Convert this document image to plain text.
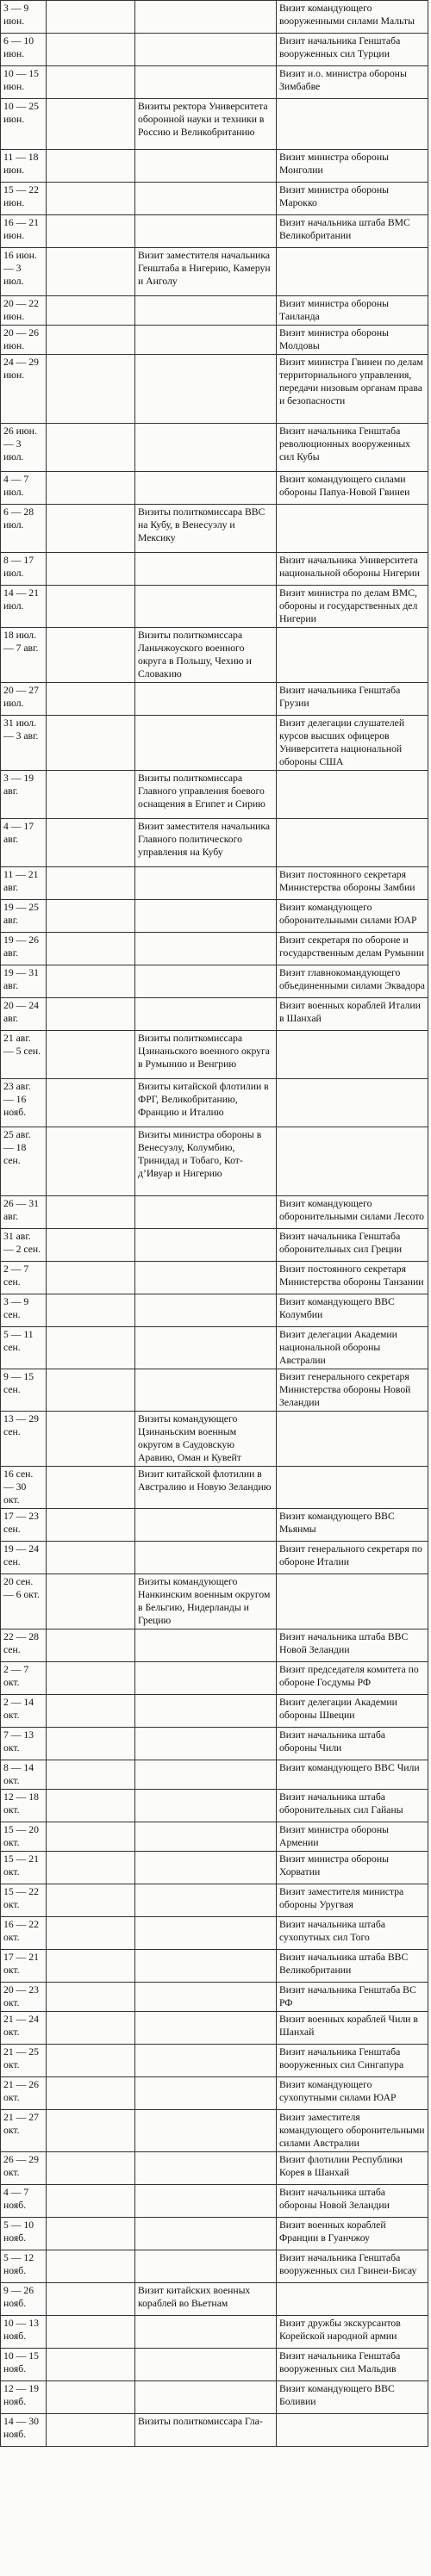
3 — 9 июн.			Визит командующего вооруженными силами Мальты

6 — 10 июн.			Визит начальника Генштаба вооруженных сил Турции

10 — 15 июн.			Визит и.о. министра обороны Зимбабве

10 — 25 июн.		Визиты ректора Университета оборонной науки и техники в Россию и Великобританию	

11 — 18 июн.			Визит министра обороны Монголии

15 — 22 июн.			Визит министра обороны Марокко

16 — 21 июн.			Визит начальника штаба ВМС Великобритании

16 июн. — 3 июл.		Визит заместителя начальника Генштаба в Нигерию, Камерун и Анголу	

20 — 22 июн.			Визит министра обороны Таиланда

20 — 26 июн.			Визит министра обороны Молдовы

24 — 29 июн.			Визит министра Гвинеи по делам территориального управления, передачи низовым органам права и безопасности

26 июн. — 3 июл.			Визит начальника Генштаба революционных вооруженных сил Кубы

4 — 7 июл.			Визит командующего силами обороны Папуа-Новой Гвинеи

6 — 28 июл.		Визиты политкомиссара ВВС на Кубу, в Венесуэлу и Мексику	

8 — 17 июл.			Визит начальника Университета национальной обороны Нигерии

14 — 21 июл.			Визит министра по делам ВМС, обороны и государственных дел Нигерии

18 июл. — 7 авг.		Визиты политкомиссара Ланьчжоуского военного округа в Польшу, Чехию и Словакию	

20 — 27 июл.			Визит начальника Генштаба Грузии

31 июл. — 3 авг.			Визит делегации слушателей курсов высших офицеров Университета национальной обороны США

3 — 19 авг.		Визиты политкомиссара Главного управления боевого оснащения в Египет и Сирию	

4 — 17 авг.		Визит заместителя начальника Главного политического управления на Кубу	

11 — 21 авг.			Визит постоянного секретаря Министерства обороны Замбии

19 — 25 авг.			Визит командующего оборонительными силами ЮАР

19 — 26 авг.			Визит секретаря по обороне и государственным делам Румынии

19 — 31 авг.			Визит главнокомандующего объединенными силами Эквадора

20 — 24 авг.			Визит военных кораблей Италии в Шанхай

21 авг. — 5 сен.		Визиты политкомиссара Цзинаньского военного округа в Румынию и Венгрию	

23 авг. — 16 нояб.		Визиты китайской флотилии в ФРГ, Великобританию, Францию и Италию	

25 авг. — 18 сен.		Визиты министра обороны в Венесуэлу, Колумбию, Тринидад и Тобаго, Кот-д’Ивуар и Нигерию	

26 — 31 авг.			Визит командующего оборонительными силами Лесото

31 авг. — 2 сен.			Визит начальника Генштаба оборонительных сил Греции

2 — 7 сен.			Визит постоянного секретаря Министерства обороны Танзании

3 — 9 сен.			Визит командующего ВВС Колумбии

5 — 11 сен.			Визит делегации Академии национальной обороны Австралии

9 — 15 сен.			Визит генерального секретаря Министерства обороны Новой Зеландии

13 — 29 сен.		Визиты командующего Цзинаньским военным округом в Саудовскую Аравию, Оман и Кувейт	

16 сен. — 30 окт.		Визит китайской флотилии в Австралию и Новую Зеландию	

17 — 23 сен.			Визит командующего ВВС Мьянмы

19 — 24 сен.			Визит генерального секретаря по обороне Италии

20 сен. — 6 окт.		Визиты командующего Нанкинским военным округом в Бельгию, Нидерланды и Грецию	

22 — 28 сен.			Визит начальника штаба ВВС Новой Зеландии

2 — 7 окт.			Визит председателя комитета по обороне Госдумы РФ

2 — 14 окт.			Визит делегации Академии обороны Швеции

7 — 13 окт.			Визит начальника штаба обороны Чили

8 — 14 окт.			Визит командующего ВВС Чили

12 — 18 окт.			Визит начальника штаба оборонительных сил Гайаны

15 — 20 окт.			Визит министра обороны Армении

15 — 21 окт.			Визит министра обороны Хорватии

15 — 22 окт.			Визит заместителя министра обороны Уругвая

16 — 22 окт.			Визит начальника штаба сухопутных сил Того

17 — 21 окт.			Визит начальника штаба ВВС Великобритании

20 — 23 окт.			Визит начальника Генштаба ВС РФ

21 — 24 окт.			Визит военных кораблей Чили в Шанхай

21 — 25 окт.			Визит начальника Генштаба вооруженных сил Сингапура

21 — 26 окт.			Визит командующего сухопутными силами ЮАР

21 — 27 окт.			Визит заместителя командующего оборонительными силами Австралии

26 — 29 окт.			Визит флотилии Республики Корея в Шанхай

4 — 7 нояб.			Визит начальника штаба обороны Новой Зеландии

5 — 10 нояб.			Визит военных кораблей Франции в Гуанчжоу

5 — 12 нояб.			Визит начальника Генштаба вооруженных сил Гвинеи-Бисау

9 — 26 нояб.		Визит китайских военных кораблей во Вьетнам	

10 — 13 нояб.			Визит дружбы экскурсантов Корейской народной армии

10 — 15 нояб.			Визит начальника Генштаба вооруженных сил Мальдив

12 — 19 нояб.			Визит командующего ВВС Боливии

14 — 30 нояб.		Визиты политкомиссара Гла-	
